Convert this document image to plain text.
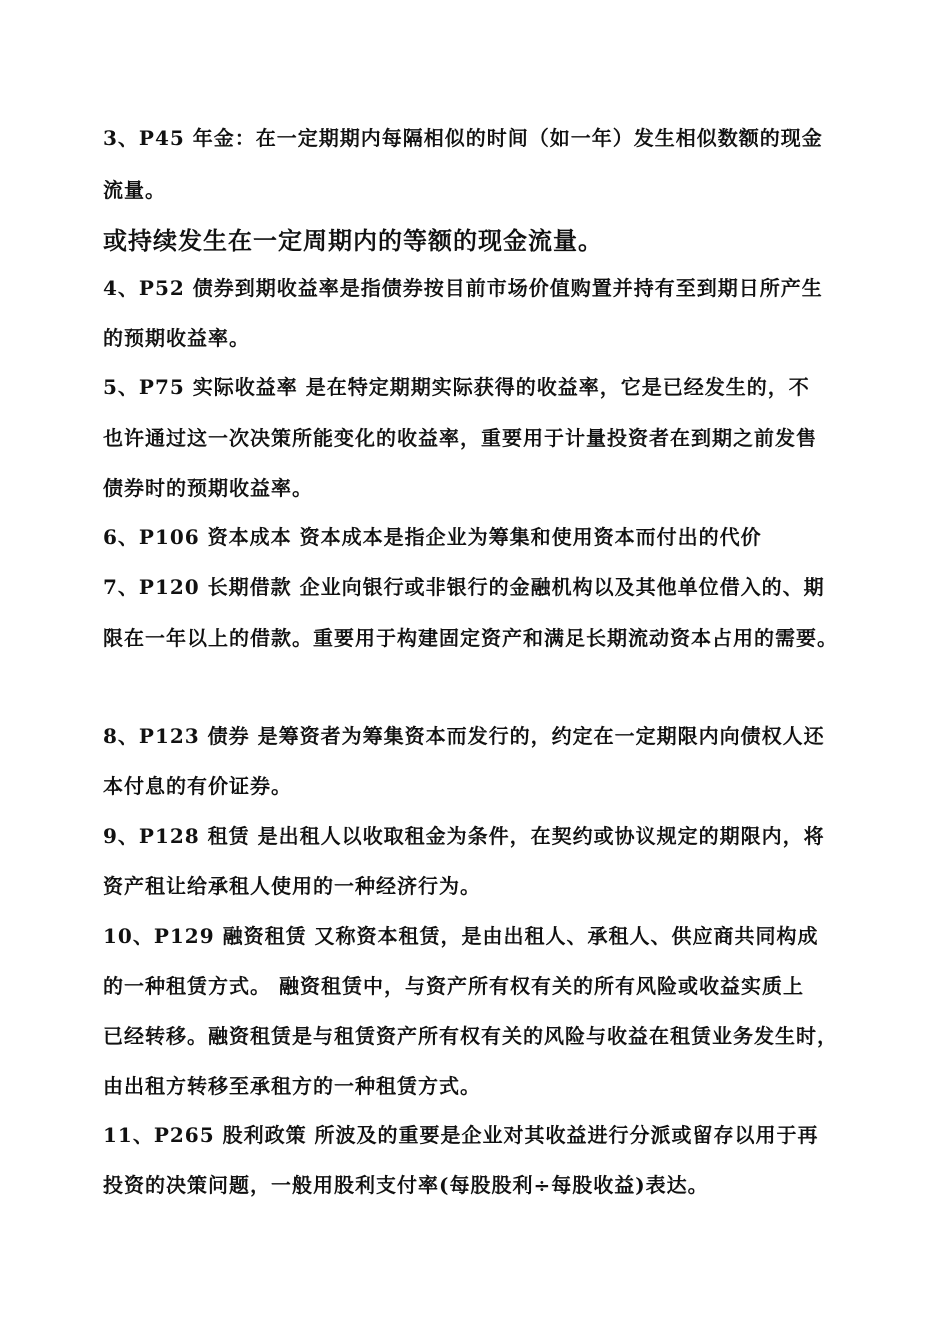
3、P45 年金：在一定期期内每隔相似的时间（如一年）发生相似数额的现金
流量。
或持续发生在一定周期内的等额的现金流量。
4、P52 债券到期收益率是指债券按目前市场价值购置并持有至到期日所产生
的预期收益率。
5、P75 实际收益率 是在特定期期实际获得的收益率，它是已经发生的，不
也许通过这一次决策所能变化的收益率，重要用于计量投资者在到期之前发售
债券时的预期收益率。
6、P106 资本成本 资本成本是指企业为筹集和使用资本而付出的代价
7、P120 长期借款 企业向银行或非银行的金融机构以及其他单位借入的、期
限在一年以上的借款。重要用于构建固定资产和满足长期流动资本占用的需要。
8、P123 债券 是筹资者为筹集资本而发行的，约定在一定期限内向债权人还
本付息的有价证券。
9、P128 租赁 是出租人以收取租金为条件，在契约或协议规定的期限内，将
资产租让给承租人使用的一种经济行为。
10、P129 融资租赁 又称资本租赁，是由出租人、承租人、供应商共同构成
的一种租赁方式。 融资租赁中，与资产所有权有关的所有风险或收益实质上
已经转移。融资租赁是与租赁资产所有权有关的风险与收益在租赁业务发生时，
由出租方转移至承租方的一种租赁方式。
11、P265 股利政策 所波及的重要是企业对其收益进行分派或留存以用于再
投资的决策问题，一般用股利支付率(每股股利÷每股收益)表达。
